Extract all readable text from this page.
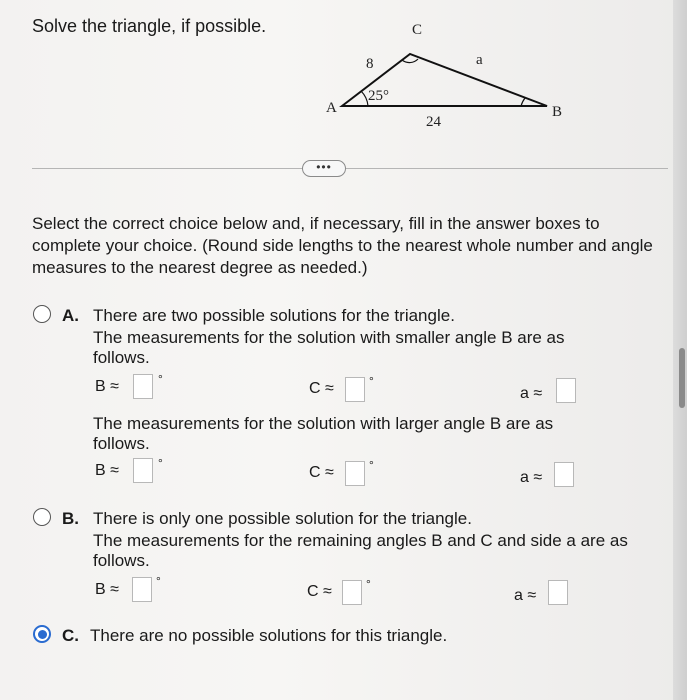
Solve the triangle, if possible.
A	B
C
8	a
24
25°
•••
Select the correct choice below and, if necessary, fill in the answer boxes to complete your choice. (Round side lengths to the nearest whole number and angle measures to the nearest degree as needed.)
A. There are two possible solutions for the triangle.
The measurements for the solution with smaller angle B are as follows.
B ≈	°
C ≈	°
a ≈
The measurements for the solution with larger angle B are as follows.
B ≈	°
C ≈	°
a ≈
B. There is only one possible solution for the triangle.
The measurements for the remaining angles B and C and side a are as follows.
B ≈	°
C ≈	°
a ≈
C. There are no possible solutions for this triangle.
